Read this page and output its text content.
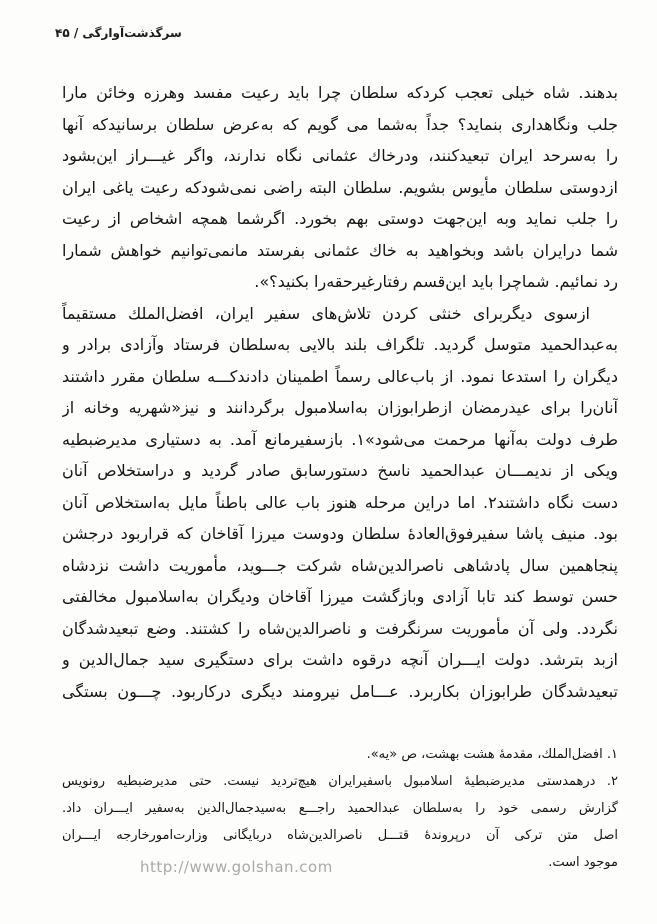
سرگذشت‌آوارگی / ۴۵
بدهند. شاه خیلی تعجب کردکه سلطان چرا باید رعیت مفسد وهرزه وخائن مارا
جلب ونگاهداری بنماید؟ جداً به‌شما می گویم که به‌عرض سلطان برسانیدکه آنها
را به‌سرحد ایران تبعیدکنند، ودرخاك عثمانی نگاه ندارند، واگر غیـــراز این‌بشود
ازدوستی سلطان مأیوس بشویم. سلطان البته راضی نمی‌شودکه رعیت یاغی ایران
را جلب نماید وبه این‌جهت دوستی بهم بخورد. اگرشما همچه اشخاص از رعیت
شما درایران باشد وبخواهید به خاك عثمانی بفرستد مانمی‌توانیم خواهش شمارا
رد نمائیم. شماچرا باید این‌قسم رفتارغیرحقه‌را بکنید؟».
ازسوی دیگربرای خنثی کردن تلاش‌های سفیر ایران، افضل‌الملك مستقیماً
به‌عبدالحمید متوسل گردید. تلگراف بلند بالایی به‌سلطان فرستاد وآزادی برادر و
دیگران را استدعا نمود. از باب‌عالی رسماً اطمینان دادندکـــه سلطان مقرر داشتند
آنان‌را برای عیدرمضان ازطرابوزان به‌اسلامبول برگردانند و نیز«شهریه وخانه از
طرف دولت به‌آنها مرحمت می‌شود»۱. بازسفیرمانع آمد. به دستیاری مدیرضبطیه
ویکی از ندیمـــان عبدالحمید ناسخ دستورسابق صادر گردید و دراستخلاص آنان
دست نگاه داشتند۲. اما دراین مرحله هنوز باب عالی باطناً مایل به‌استخلاص آنان
بود. منیف پاشا سفیرفوق‌العادهٔ سلطان ودوست میرزا آقاخان که قراربود درجشن
پنجاهمین سال پادشاهی ناصرالدین‌شاه شرکت جـــوید، مأموریت داشت نزدشاه
حسن توسط کند تابا آزادی وبازگشت میرزا آقاخان ودیگران به‌اسلامبول مخالفتی
نگردد. ولی آن مأموریت سرنگرفت و ناصرالدین‌شاه را کشتند. وضع تبعیدشدگان
ازبد بترشد. دولت ایـــران آنچه درقوه داشت برای دستگیری سید جمال‌الدین و
تبعیدشدگان طرابوزان بکاربرد. عـــامل نیرومند دیگری درکاربود. چـــون بستگی
۱. افضل‌الملك، مقدمهٔ هشت بهشت، ص «یه».
۲. درهمدستی مدیرضبطیهٔ اسلامبول باسفیرایران هیچ‌تردید نیست. حتی مدیرضبطیه رونویس
گزارش رسمی خود را به‌سلطان عبدالحمید راجـــع به‌سیدجمال‌الدین به‌سفیر ایـــران داد.
اصل متن ترکی آن درپروندهٔ قتـــل ناصرالدین‌شاه دربایگانی وزارت‌امورخارجه ایـــران
موجود است.
http://www.golshan.com
